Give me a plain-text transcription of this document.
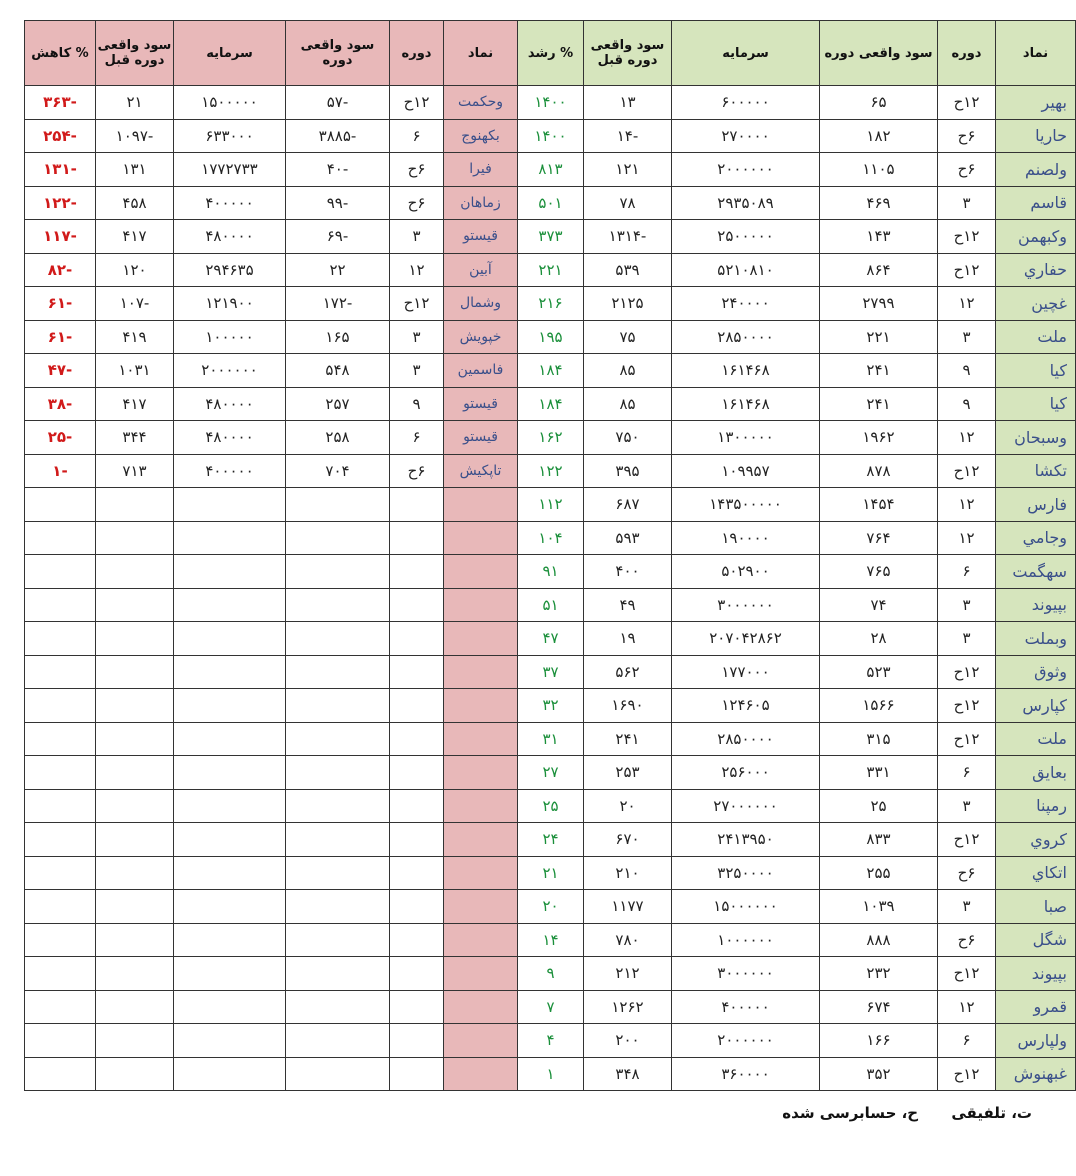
نماد	دوره	سود واقعی دوره	سرمایه	سود واقعی دوره قبل	% رشد	نماد	دوره	سود واقعی دوره	سرمایه	سود واقعی دوره قبل	% کاهش
بهير	۱۲ح	۶۵	۶۰۰۰۰۰	۱۳	۱۴۰۰	وحکمت	۱۲ح	-۵۷	۱۵۰۰۰۰۰	۲۱	-۳۶۳
حاريا	۶ح	۱۸۲	۲۷۰۰۰۰	-۱۴	۱۴۰۰	بکهنوج	۶	-۳۸۸۵	۶۳۳۰۰۰	-۱۰۹۷	-۲۵۴
ولصنم	۶ح	۱۱۰۵	۲۰۰۰۰۰۰	۱۲۱	۸۱۳	فيرا	۶ح	-۴۰	۱۷۷۲۷۳۳	۱۳۱	-۱۳۱
قاسم	۳	۴۶۹	۲۹۳۵۰۸۹	۷۸	۵۰۱	زماهان	۶ح	-۹۹	۴۰۰۰۰۰	۴۵۸	-۱۲۲
وکبهمن	۱۲ح	۱۴۳	۲۵۰۰۰۰۰	-۱۳۱۴	۳۷۳	قيستو	۳	-۶۹	۴۸۰۰۰۰	۴۱۷	-۱۱۷
حفاري	۱۲ح	۸۶۴	۵۲۱۰۸۱۰	۵۳۹	۲۲۱	آبين	۱۲	۲۲	۲۹۴۶۳۵	۱۲۰	-۸۲
غچين	۱۲	۲۷۹۹	۲۴۰۰۰۰	۲۱۲۵	۲۱۶	وشمال	۱۲ح	-۱۷۲	۱۲۱۹۰۰	-۱۰۷	-۶۱
ملت	۳	۲۲۱	۲۸۵۰۰۰۰	۷۵	۱۹۵	خپويش	۳	۱۶۵	۱۰۰۰۰۰	۴۱۹	-۶۱
کيا	۹	۲۴۱	۱۶۱۴۶۸	۸۵	۱۸۴	فاسمين	۳	۵۴۸	۲۰۰۰۰۰۰	۱۰۳۱	-۴۷
کيا	۹	۲۴۱	۱۶۱۴۶۸	۸۵	۱۸۴	قيستو	۹	۲۵۷	۴۸۰۰۰۰	۴۱۷	-۳۸
وسبحان	۱۲	۱۹۶۲	۱۳۰۰۰۰۰	۷۵۰	۱۶۲	قيستو	۶	۲۵۸	۴۸۰۰۰۰	۳۴۴	-۲۵
تکشا	۱۲ح	۸۷۸	۱۰۹۹۵۷	۳۹۵	۱۲۲	تاپکيش	۶ح	۷۰۴	۴۰۰۰۰۰	۷۱۳	-۱
فارس	۱۲	۱۴۵۴	۱۴۳۵۰۰۰۰۰	۶۸۷	۱۱۲						
وجامي	۱۲	۷۶۴	۱۹۰۰۰۰	۵۹۳	۱۰۴						
سهگمت	۶	۷۶۵	۵۰۲۹۰۰	۴۰۰	۹۱						
بپيوند	۳	۷۴	۳۰۰۰۰۰۰	۴۹	۵۱						
وبملت	۳	۲۸	۲۰۷۰۴۲۸۶۲	۱۹	۴۷						
وثوق	۱۲ح	۵۲۳	۱۷۷۰۰۰	۵۶۲	۳۷						
کپارس	۱۲ح	۱۵۶۶	۱۲۴۶۰۵	۱۶۹۰	۳۲						
ملت	۱۲ح	۳۱۵	۲۸۵۰۰۰۰	۲۴۱	۳۱						
بعايق	۶	۳۳۱	۲۵۶۰۰۰	۲۵۳	۲۷						
رمپنا	۳	۲۵	۲۷۰۰۰۰۰۰	۲۰	۲۵						
کروي	۱۲ح	۸۳۳	۲۴۱۳۹۵۰	۶۷۰	۲۴						
اتکاي	۶ح	۲۵۵	۳۲۵۰۰۰۰	۲۱۰	۲۱						
صبا	۳	۱۰۳۹	۱۵۰۰۰۰۰۰	۱۱۷۷	۲۰						
شگل	۶ح	۸۸۸	۱۰۰۰۰۰۰	۷۸۰	۱۴						
بپيوند	۱۲ح	۲۳۲	۳۰۰۰۰۰۰	۲۱۲	۹						
قمرو	۱۲	۶۷۴	۴۰۰۰۰۰	۱۲۶۲	۷						
ولپارس	۶	۱۶۶	۲۰۰۰۰۰۰	۲۰۰	۴						
غبهنوش	۱۲ح	۳۵۲	۳۶۰۰۰۰	۳۴۸	۱						
ت، تلفیقی ح، حسابرسی شده
